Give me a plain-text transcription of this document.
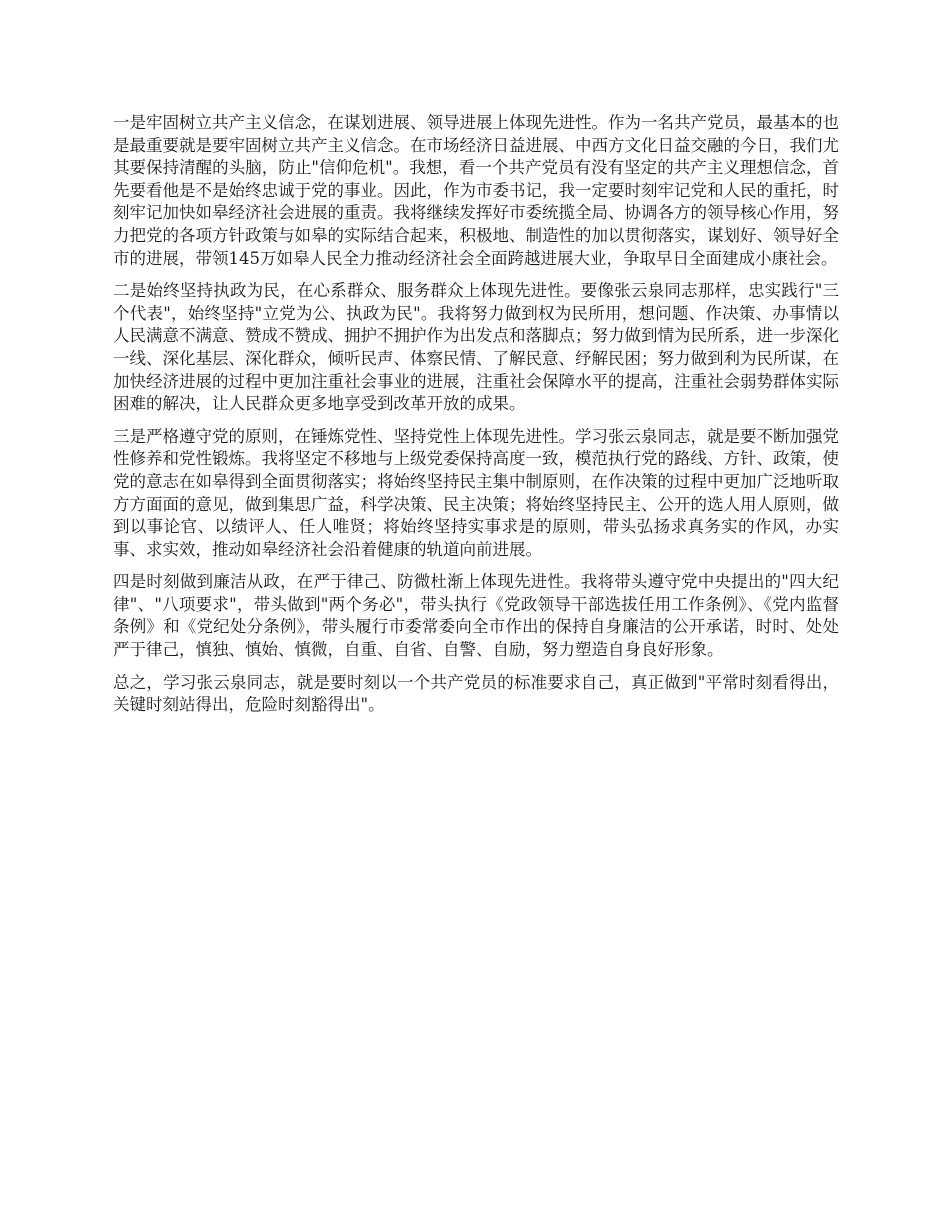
一是牢固树立共产主义信念，在谋划进展、领导进展上体现先进性。作为一名共产党员，最基本的也是最重要就是要牢固树立共产主义信念。在市场经济日益进展、中西方文化日益交融的今日，我们尤其要保持清醒的头脑，防止"信仰危机"。我想，看一个共产党员有没有坚定的共产主义理想信念，首先要看他是不是始终忠诚于党的事业。因此，作为市委书记，我一定要时刻牢记党和人民的重托，时刻牢记加快如皋经济社会进展的重责。我将继续发挥好市委统揽全局、协调各方的领导核心作用，努力把党的各项方针政策与如皋的实际结合起来，积极地、制造性的加以贯彻落实，谋划好、领导好全市的进展，带领145万如皋人民全力推动经济社会全面跨越进展大业，争取早日全面建成小康社会。

二是始终坚持执政为民，在心系群众、服务群众上体现先进性。要像张云泉同志那样，忠实践行"三个代表"，始终坚持"立党为公、执政为民"。我将努力做到权为民所用，想问题、作决策、办事情以人民满意不满意、赞成不赞成、拥护不拥护作为出发点和落脚点；努力做到情为民所系，进一步深化一线、深化基层、深化群众，倾听民声、体察民情、了解民意、纾解民困；努力做到利为民所谋，在加快经济进展的过程中更加注重社会事业的进展，注重社会保障水平的提高，注重社会弱势群体实际困难的解决，让人民群众更多地享受到改革开放的成果。

三是严格遵守党的原则，在锤炼党性、坚持党性上体现先进性。学习张云泉同志，就是要不断加强党性修养和党性锻炼。我将坚定不移地与上级党委保持高度一致，模范执行党的路线、方针、政策，使党的意志在如皋得到全面贯彻落实；将始终坚持民主集中制原则，在作决策的过程中更加广泛地听取方方面面的意见，做到集思广益，科学决策、民主决策；将始终坚持民主、公开的选人用人原则，做到以事论官、以绩评人、任人唯贤；将始终坚持实事求是的原则，带头弘扬求真务实的作风，办实事、求实效，推动如皋经济社会沿着健康的轨道向前进展。

四是时刻做到廉洁从政，在严于律己、防微杜渐上体现先进性。我将带头遵守党中央提出的"四大纪律"、"八项要求"，带头做到"两个务必"，带头执行《党政领导干部选拔任用工作条例》、《党内监督条例》和《党纪处分条例》，带头履行市委常委向全市作出的保持自身廉洁的公开承诺，时时、处处严于律己，慎独、慎始、慎微，自重、自省、自警、自励，努力塑造自身良好形象。

总之，学习张云泉同志，就是要时刻以一个共产党员的标准要求自己，真正做到"平常时刻看得出，关键时刻站得出，危险时刻豁得出"。
